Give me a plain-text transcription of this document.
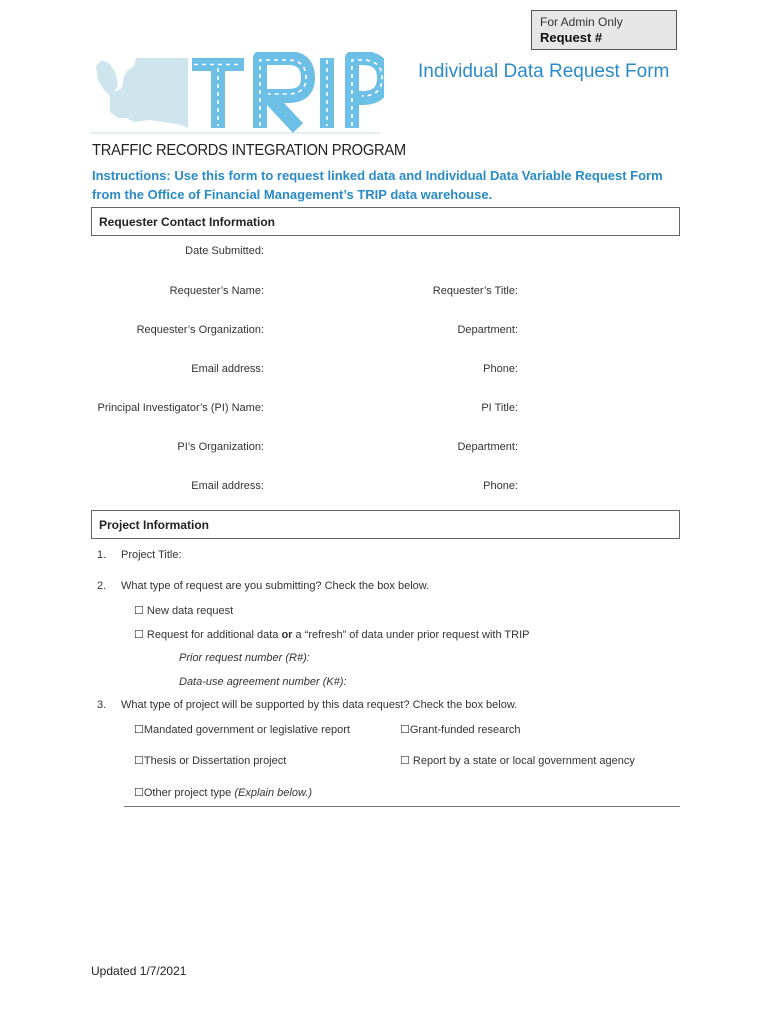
For Admin Only
Request #
Individual Data Request Form
TRAFFIC RECORDS INTEGRATION PROGRAM
Instructions: Use this form to request linked data and Individual Data Variable Request Form
from the Office of Financial Management’s TRIP data warehouse.
Requester Contact Information
Date Submitted:
Requester’s Name:	Requester’s Title:
Requester’s Organization:	Department:
Email address:	Phone:
Principal Investigator’s (PI) Name:	PI Title:
PI’s Organization:	Department:
Email address:	Phone:
Project Information
1. Project Title:
2. What type of request are you submitting? Check the box below.
☐ New data request
☐ Request for additional data or a “refresh” of data under prior request with TRIP
Prior request number (R#):
Data-use agreement number (K#):
3. What type of project will be supported by this data request? Check the box below.
☐Mandated government or legislative report	☐Grant-funded research
☐Thesis or Dissertation project	☐ Report by a state or local government agency
☐Other project type (Explain below.)
Updated 1/7/2021
